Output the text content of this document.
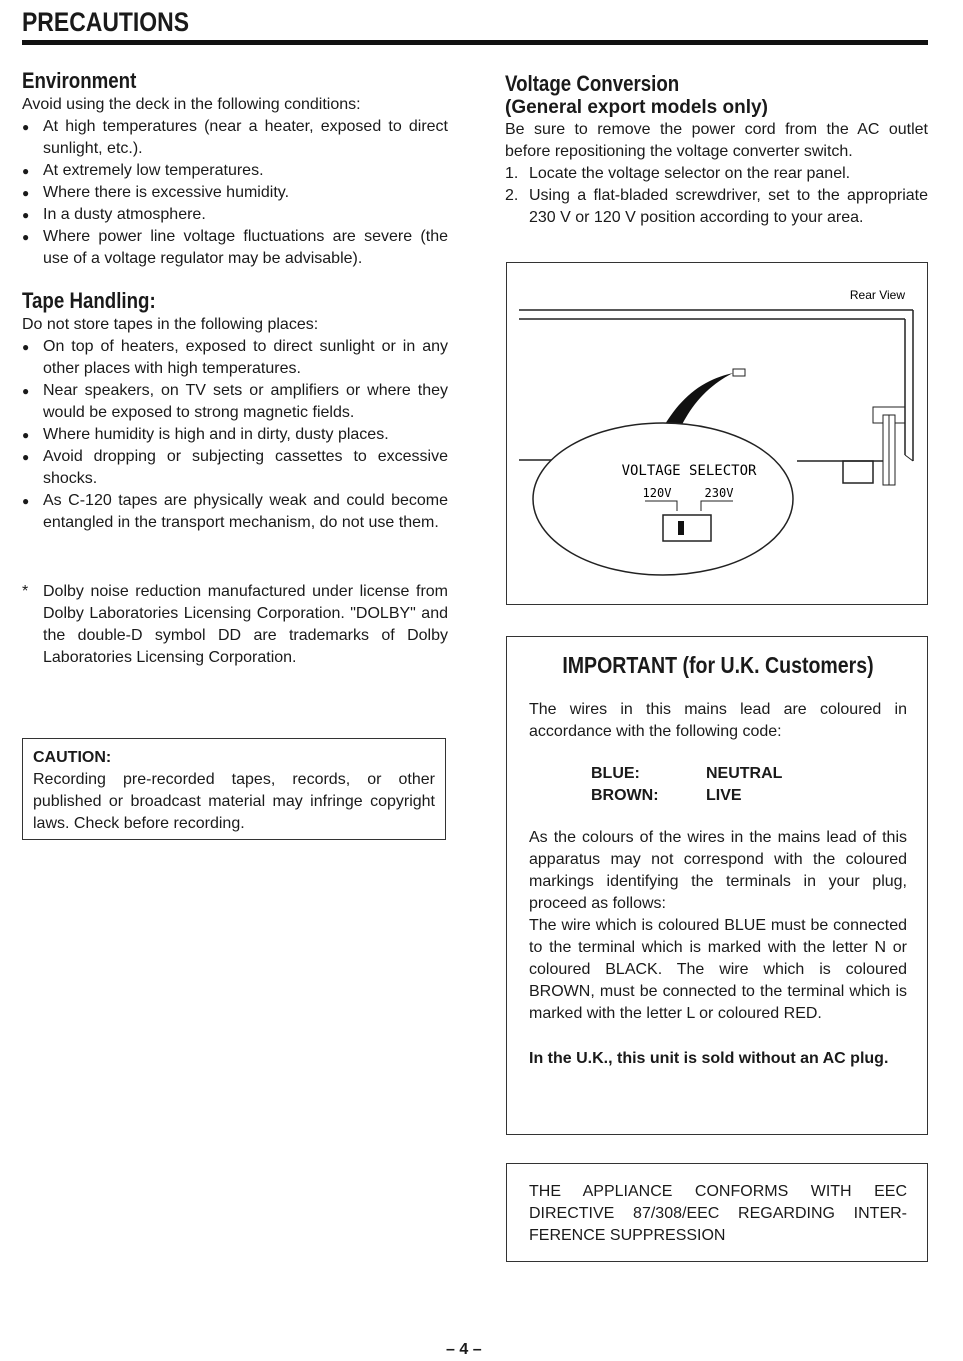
PRECAUTIONS
Environment

Avoid using the deck in the following conditions:

● At high temperatures (near a heater, exposed to direct sunlight, etc.).
● At extremely low temperatures.
● Where there is excessive humidity.
● In a dusty atmosphere.
● Where power line voltage fluctuations are severe (the use of a voltage regulator may be advisable).
Tape Handling:

Do not store tapes in the following places:

● On top of heaters, exposed to direct sunlight or in any other places with high temperatures.
● Near speakers, on TV sets or amplifiers or where they would be exposed to strong magnetic fields.
● Where humidity is high and in dirty, dusty places.
● Avoid dropping or subjecting cassettes to excessive shocks.
● As C-120 tapes are physically weak and could become entangled in the transport mechanism, do not use them.
* Dolby noise reduction manufactured under license from Dolby Laboratories Licensing Corporation. "DOLBY" and the double-D symbol DD are trademarks of Dolby Laboratories Licensing Corporation.
CAUTION:

Recording pre-recorded tapes, records, or other published or broadcast material may infringe copyright laws. Check before recording.

Voltage Conversion
(General export models only)

Be sure to remove the power cord from the AC outlet before repositioning the voltage converter switch.

1. Locate the voltage selector on the rear panel.
2. Using a flat-bladed screwdriver, set to the appropriate 230 V or 120 V position according to your area.
Rear View
VOLTAGE SELECTOR
120V	230V
IMPORTANT (for U.K. Customers)

The wires in this mains lead are coloured in accordance with the following code:

BLUE:	NEUTRAL
BROWN:	LIVE

As the colours of the wires in the mains lead of this apparatus may not correspond with the coloured markings identifying the terminals in your plug, proceed as follows:

The wire which is coloured BLUE must be connected to the terminal which is marked with the letter N or coloured BLACK. The wire which is coloured BROWN, must be connected to the terminal which is marked with the letter L or coloured RED.

In the U.K., this unit is sold without an AC plug.

THE APPLIANCE CONFORMS WITH EEC DIRECTIVE 87/308/EEC REGARDING INTER-FERENCE SUPPRESSION

– 4 –
